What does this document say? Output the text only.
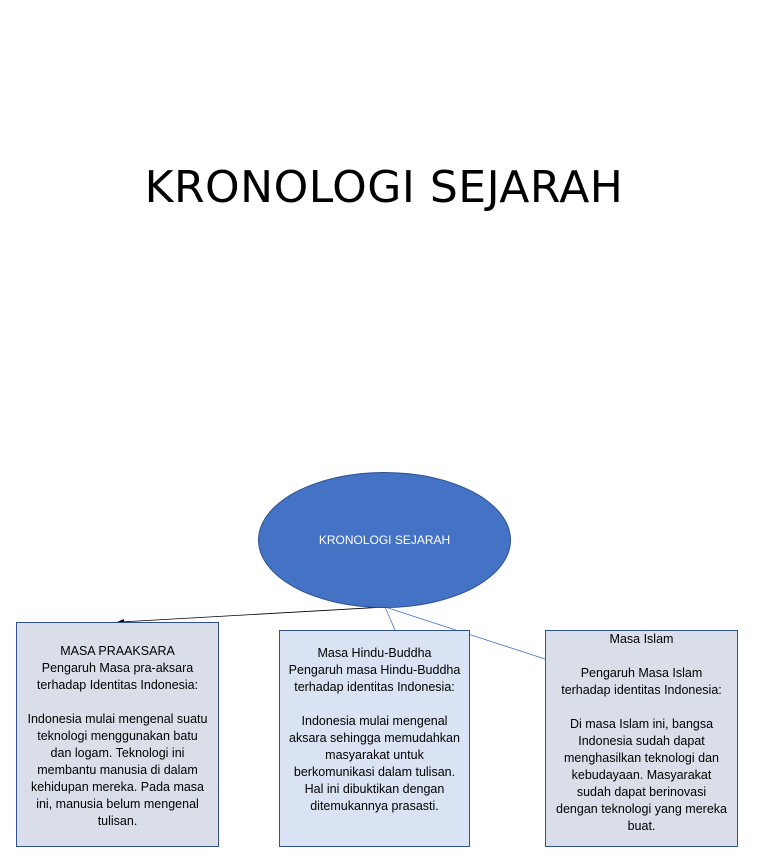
KRONOLOGI SEJARAH
KRONOLOGI SEJARAH
MASA PRAAKSARA
Pengaruh Masa pra-aksara
terhadap Identitas Indonesia:
Indonesia mulai mengenal suatu
teknologi menggunakan batu
dan logam. Teknologi ini
membantu manusia di dalam
kehidupan mereka. Pada masa
ini, manusia belum mengenal
tulisan.
Masa Hindu-Buddha
Pengaruh masa Hindu-Buddha
terhadap identitas Indonesia:
Indonesia mulai mengenal
aksara sehingga memudahkan
masyarakat untuk
berkomunikasi dalam tulisan.
Hal ini dibuktikan dengan
ditemukannya prasasti.
Masa Islam
Pengaruh Masa Islam
terhadap identitas Indonesia:
Di masa Islam ini, bangsa
Indonesia sudah dapat
menghasilkan teknologi dan
kebudayaan. Masyarakat
sudah dapat berinovasi
dengan teknologi yang mereka
buat.
